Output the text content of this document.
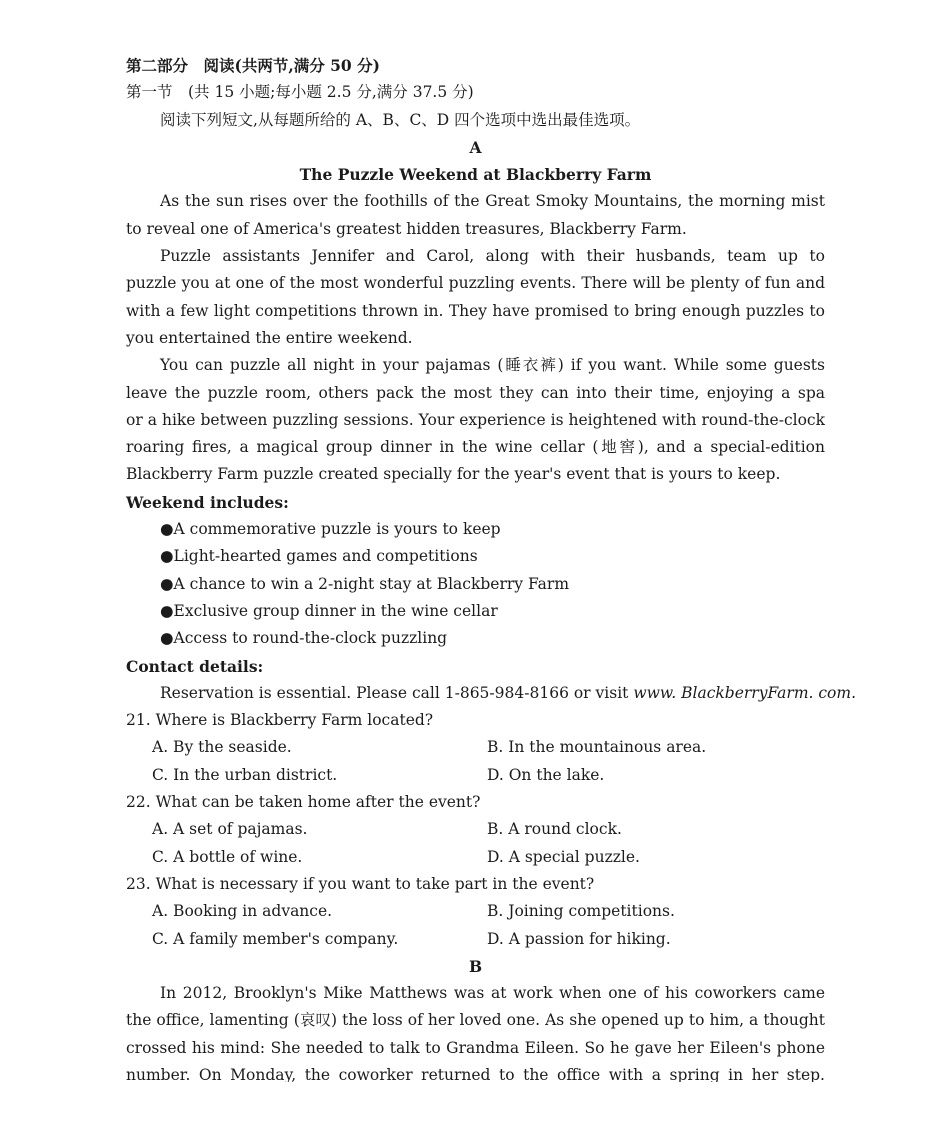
第二部分　阅读(共两节,满分 50 分)
第一节　(共 15 小题;每小题 2.5 分,满分 37.5 分)
阅读下列短文,从每题所给的 A、B、C、D 四个选项中选出最佳选项。
A
The Puzzle Weekend at Blackberry Farm
As the sun rises over the foothills of the Great Smoky Mountains, the morning mist
to reveal one of America's greatest hidden treasures, Blackberry Farm.
Puzzle assistants Jennifer and Carol, along with their husbands, team up to
puzzle you at one of the most wonderful puzzling events. There will be plenty of fun and
with a few light competitions thrown in. They have promised to bring enough puzzles to
you entertained the entire weekend.
You can puzzle all night in your pajamas (睡衣裤) if you want. While some guests
leave the puzzle room, others pack the most they can into their time, enjoying a spa
or a hike between puzzling sessions. Your experience is heightened with round-the-clock
roaring fires, a magical group dinner in the wine cellar (地窖), and a special-edition
Blackberry Farm puzzle created specially for the year's event that is yours to keep.
Weekend includes:
●A commemorative puzzle is yours to keep
●Light-hearted games and competitions
●A chance to win a 2-night stay at Blackberry Farm
●Exclusive group dinner in the wine cellar
●Access to round-the-clock puzzling
Contact details:
Reservation is essential. Please call 1-865-984-8166 or visit www. BlackberryFarm. com.
21. Where is Blackberry Farm located?
A. By the seaside.	B. In the mountainous area.
C. In the urban district.	D. On the lake.
22. What can be taken home after the event?
A. A set of pajamas.	B. A round clock.
C. A bottle of wine.	D. A special puzzle.
23. What is necessary if you want to take part in the event?
A. Booking in advance.	B. Joining competitions.
C. A family member's company.	D. A passion for hiking.
B
In 2012, Brooklyn's Mike Matthews was at work when one of his coworkers came
the office, lamenting (哀叹) the loss of her loved one. As she opened up to him, a thought
crossed his mind: She needed to talk to Grandma Eileen. So he gave her Eileen's phone
number. On Monday, the coworker returned to the office with a spring in her step.
